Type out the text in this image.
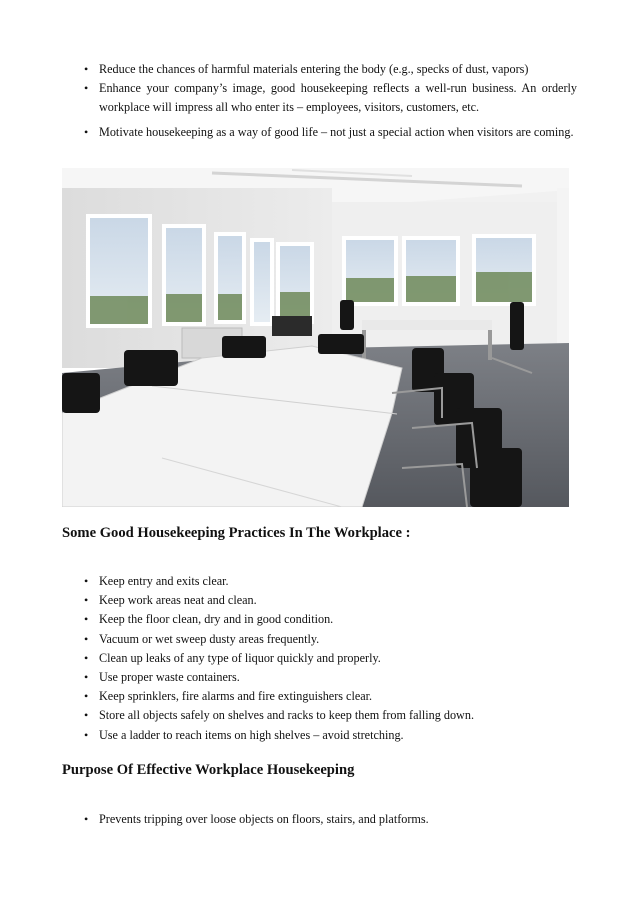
• Reduce the chances of harmful materials entering the body (e.g., specks of dust, vapors)
• Enhance your company’s image, good housekeeping reflects a well-run business. An orderly workplace will impress all who enter its – employees, visitors, customers, etc.
• Motivate housekeeping as a way of good life – not just a special action when visitors are coming.
Some Good Housekeeping Practices In The Workplace :
• Keep entry and exits clear.
• Keep work areas neat and clean.
• Keep the floor clean, dry and in good condition.
• Vacuum or wet sweep dusty areas frequently.
• Clean up leaks of any type of liquor quickly and properly.
• Use proper waste containers.
• Keep sprinklers, fire alarms and fire extinguishers clear.
• Store all objects safely on shelves and racks to keep them from falling down.
• Use a ladder to reach items on high shelves – avoid stretching.
Purpose Of Effective Workplace Housekeeping
• Prevents tripping over loose objects on floors, stairs, and platforms.
